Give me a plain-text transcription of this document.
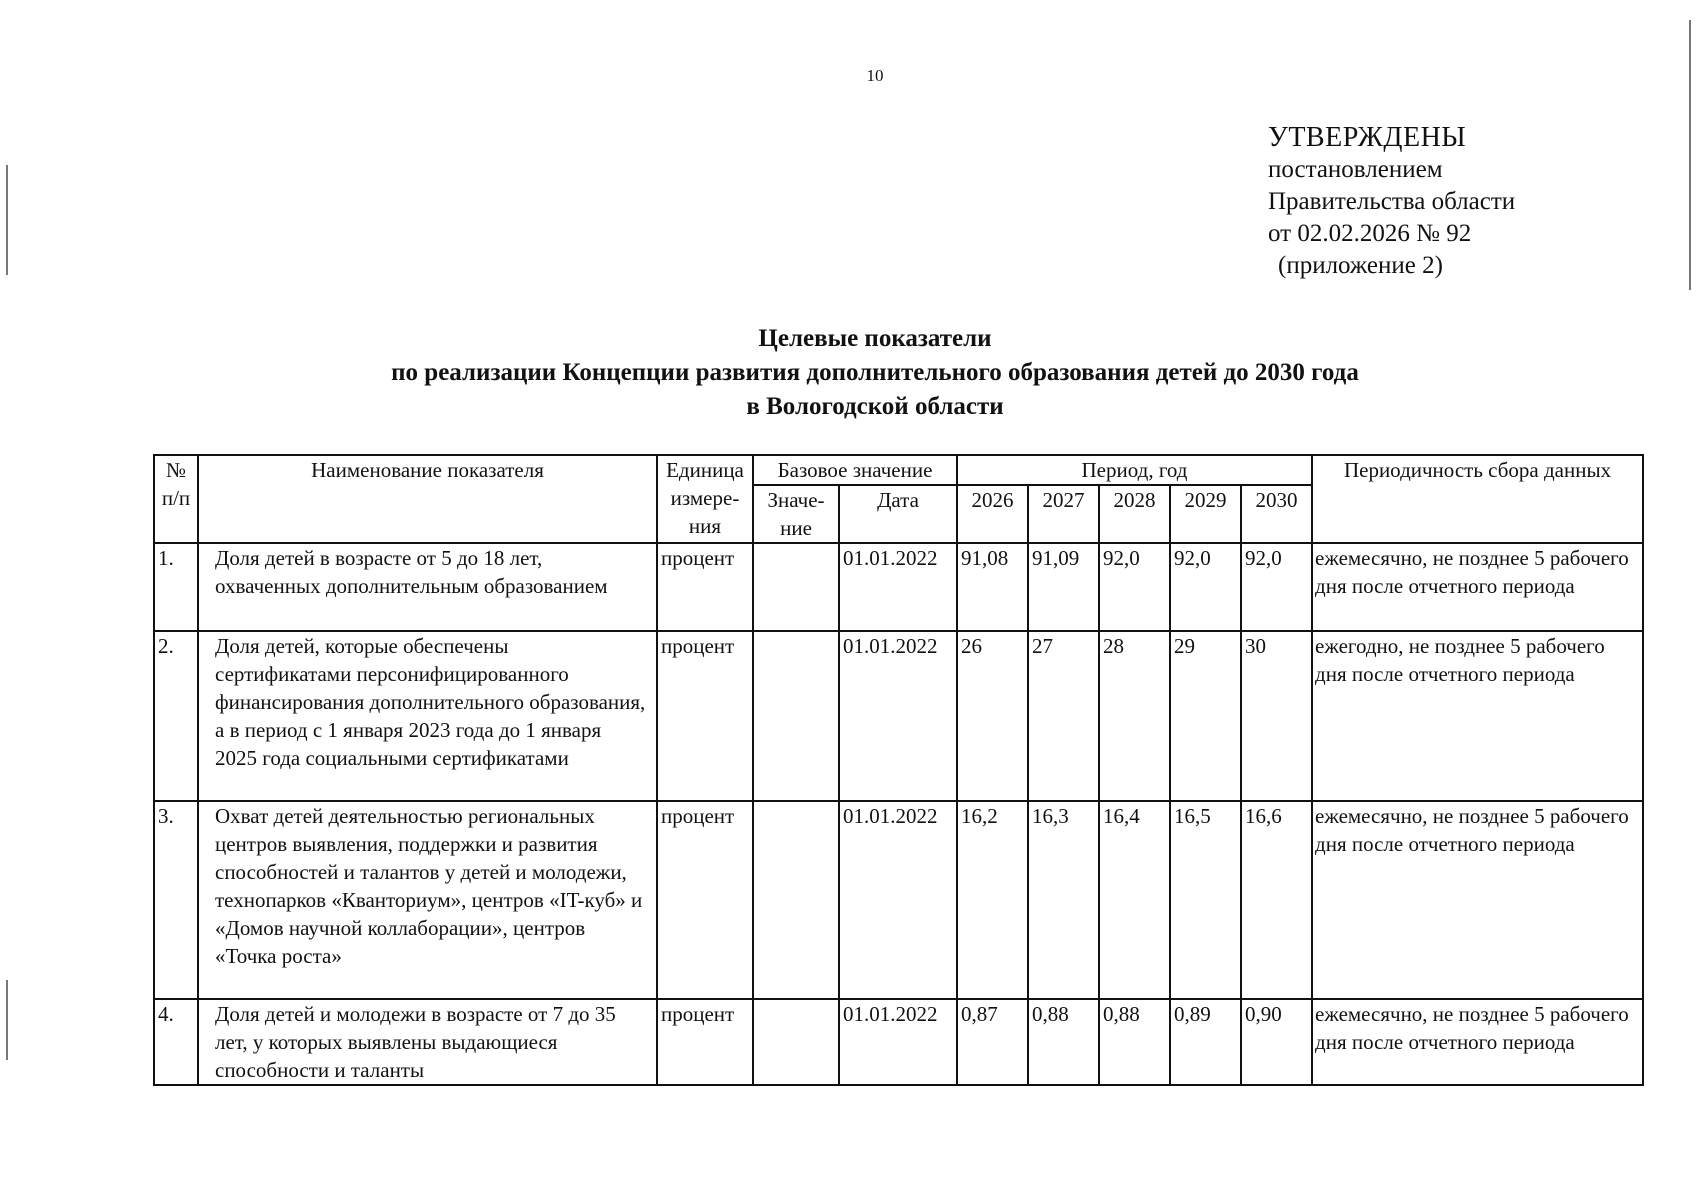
10
УТВЕРЖДЕНЫ
постановлением
Правительства области
от 02.02.2026 № 92
(приложение 2)
Целевые показатели
по реализации Концепции развития дополнительного образования детей до 2030 года
в Вологодской области
№ п/п	Наименование показателя	Единица измере-ния	Базовое значение		Период, год					Периодичность сбора данных
			Значе-ние	Дата	2026	2027	2028	2029	2030	
1.	Доля детей в возрасте от 5 до 18 лет, охваченных дополнительным образованием	процент		01.01.2022	91,08	91,09	92,0	92,0	92,0	ежемесячно, не позднее 5 рабочего дня после отчетного периода
2.	Доля детей, которые обеспечены сертификатами персонифицированного финансирования дополнительного образования, а в период с 1 января 2023 года до 1 января 2025 года социальными сертификатами	процент		01.01.2022	26	27	28	29	30	ежегодно, не позднее 5 рабочего дня после отчетного периода
3.	Охват детей деятельностью региональных центров выявления, поддержки и развития способностей и талантов у детей и молодежи, технопарков «Кванториум», центров «IT-куб» и «Домов научной коллаборации», центров «Точка роста»	процент		01.01.2022	16,2	16,3	16,4	16,5	16,6	ежемесячно, не позднее 5 рабочего дня после отчетного периода
4.	Доля детей и молодежи в возрасте от 7 до 35 лет, у которых выявлены выдающиеся способности и таланты	процент		01.01.2022	0,87	0,88	0,88	0,89	0,90	ежемесячно, не позднее 5 рабочего дня после отчетного периода
